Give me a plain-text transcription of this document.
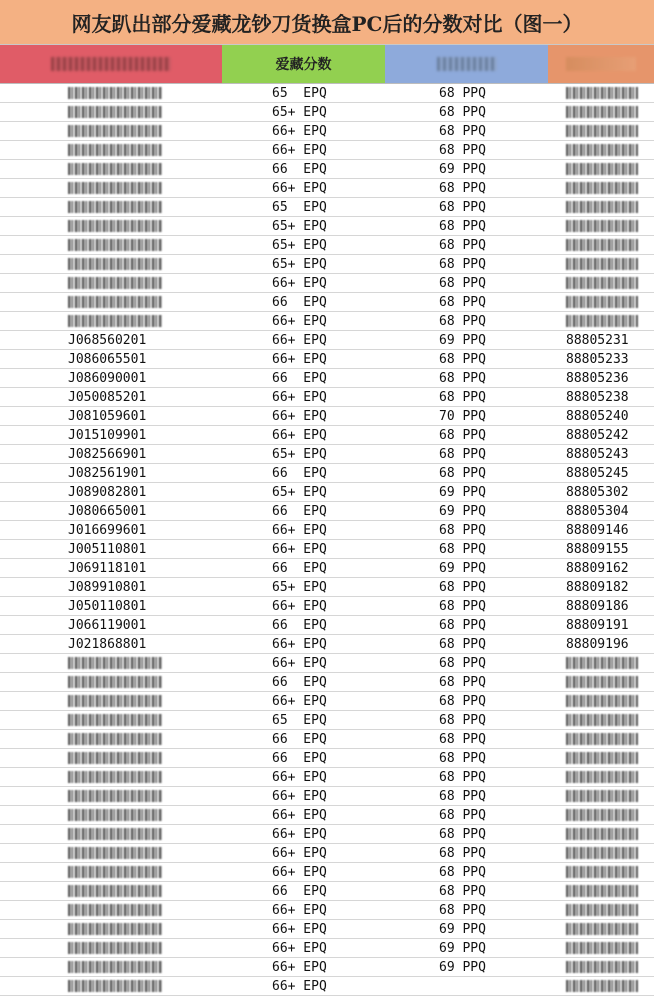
网友趴出部分爱藏龙钞刀货换盒PC后的分数对比（图一）
爱藏分数
65  EPQ	68 PPQ
65+ EPQ	68 PPQ
66+ EPQ	68 PPQ
66+ EPQ	68 PPQ
66  EPQ	69 PPQ
66+ EPQ	68 PPQ
65  EPQ	68 PPQ
65+ EPQ	68 PPQ
65+ EPQ	68 PPQ
65+ EPQ	68 PPQ
66+ EPQ	68 PPQ
66  EPQ	68 PPQ
66+ EPQ	68 PPQ
J068560201	66+ EPQ	69 PPQ	88805231
J086065501	66+ EPQ	68 PPQ	88805233
J086090001	66  EPQ	68 PPQ	88805236
J050085201	66+ EPQ	68 PPQ	88805238
J081059601	66+ EPQ	70 PPQ	88805240
J015109901	66+ EPQ	68 PPQ	88805242
J082566901	65+ EPQ	68 PPQ	88805243
J082561901	66  EPQ	68 PPQ	88805245
J089082801	65+ EPQ	69 PPQ	88805302
J080665001	66  EPQ	69 PPQ	88805304
J016699601	66+ EPQ	68 PPQ	88809146
J005110801	66+ EPQ	68 PPQ	88809155
J069118101	66  EPQ	69 PPQ	88809162
J089910801	65+ EPQ	68 PPQ	88809182
J050110801	66+ EPQ	68 PPQ	88809186
J066119001	66  EPQ	68 PPQ	88809191
J021868801	66+ EPQ	68 PPQ	88809196
66+ EPQ	68 PPQ
66  EPQ	68 PPQ
66+ EPQ	68 PPQ
65  EPQ	68 PPQ
66  EPQ	68 PPQ
66  EPQ	68 PPQ
66+ EPQ	68 PPQ
66+ EPQ	68 PPQ
66+ EPQ	68 PPQ
66+ EPQ	68 PPQ
66+ EPQ	68 PPQ
66+ EPQ	68 PPQ
66  EPQ	68 PPQ
66+ EPQ	68 PPQ
66+ EPQ	69 PPQ
66+ EPQ	69 PPQ
66+ EPQ	69 PPQ
66+ EPQ
